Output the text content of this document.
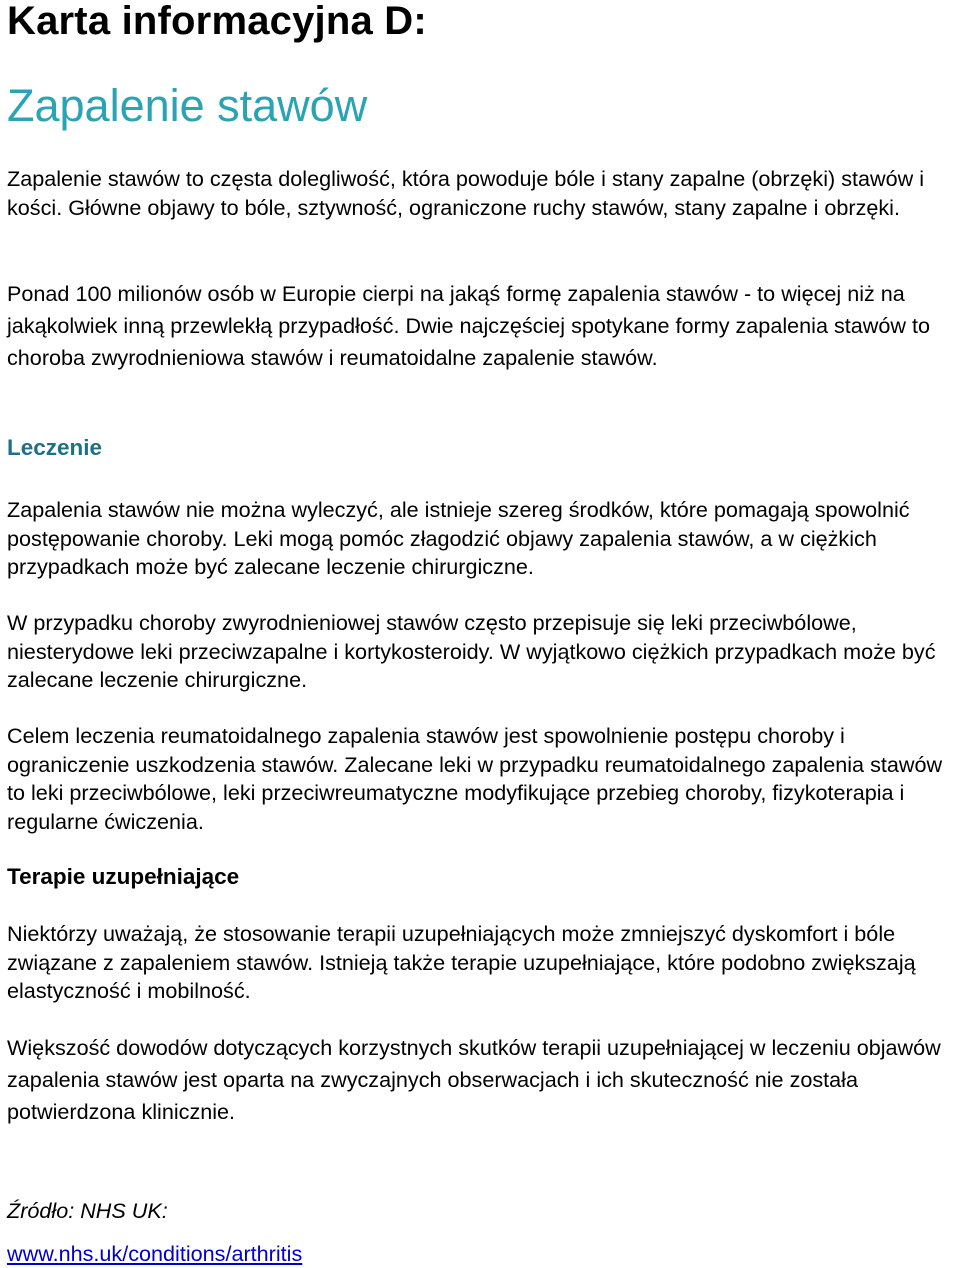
Karta informacyjna D:
Zapalenie stawów

Zapalenie stawów to częsta dolegliwość, która powoduje bóle i stany zapalne (obrzęki) stawów i kości. Główne objawy to bóle, sztywność, ograniczone ruchy stawów, stany zapalne i obrzęki.

Ponad 100 milionów osób w Europie cierpi na jakąś formę zapalenia stawów - to więcej niż na jakąkolwiek inną przewlekłą przypadłość. Dwie najczęściej spotykane formy zapalenia stawów to choroba zwyrodnieniowa stawów i reumatoidalne zapalenie stawów.

Leczenie

Zapalenia stawów nie można wyleczyć, ale istnieje szereg środków, które pomagają spowolnić postępowanie choroby. Leki mogą pomóc złagodzić objawy zapalenia stawów, a w ciężkich przypadkach może być zalecane leczenie chirurgiczne.

W przypadku choroby zwyrodnieniowej stawów często przepisuje się leki przeciwbólowe, niesterydowe leki przeciwzapalne i kortykosteroidy. W wyjątkowo ciężkich przypadkach może być zalecane leczenie chirurgiczne.

Celem leczenia reumatoidalnego zapalenia stawów jest spowolnienie postępu choroby i ograniczenie uszkodzenia stawów. Zalecane leki w przypadku reumatoidalnego zapalenia stawów to leki przeciwbólowe, leki przeciwreumatyczne modyfikujące przebieg choroby, fizykoterapia i regularne ćwiczenia.

Terapie uzupełniające

Niektórzy uważają, że stosowanie terapii uzupełniających może zmniejszyć dyskomfort i bóle związane z zapaleniem stawów. Istnieją także terapie uzupełniające, które podobno zwiększają elastyczność i mobilność.

Większość dowodów dotyczących korzystnych skutków terapii uzupełniającej w leczeniu objawów zapalenia stawów jest oparta na zwyczajnych obserwacjach i ich skuteczność nie została potwierdzona klinicznie.

Źródło: NHS UK:

www.nhs.uk/conditions/arthritis
